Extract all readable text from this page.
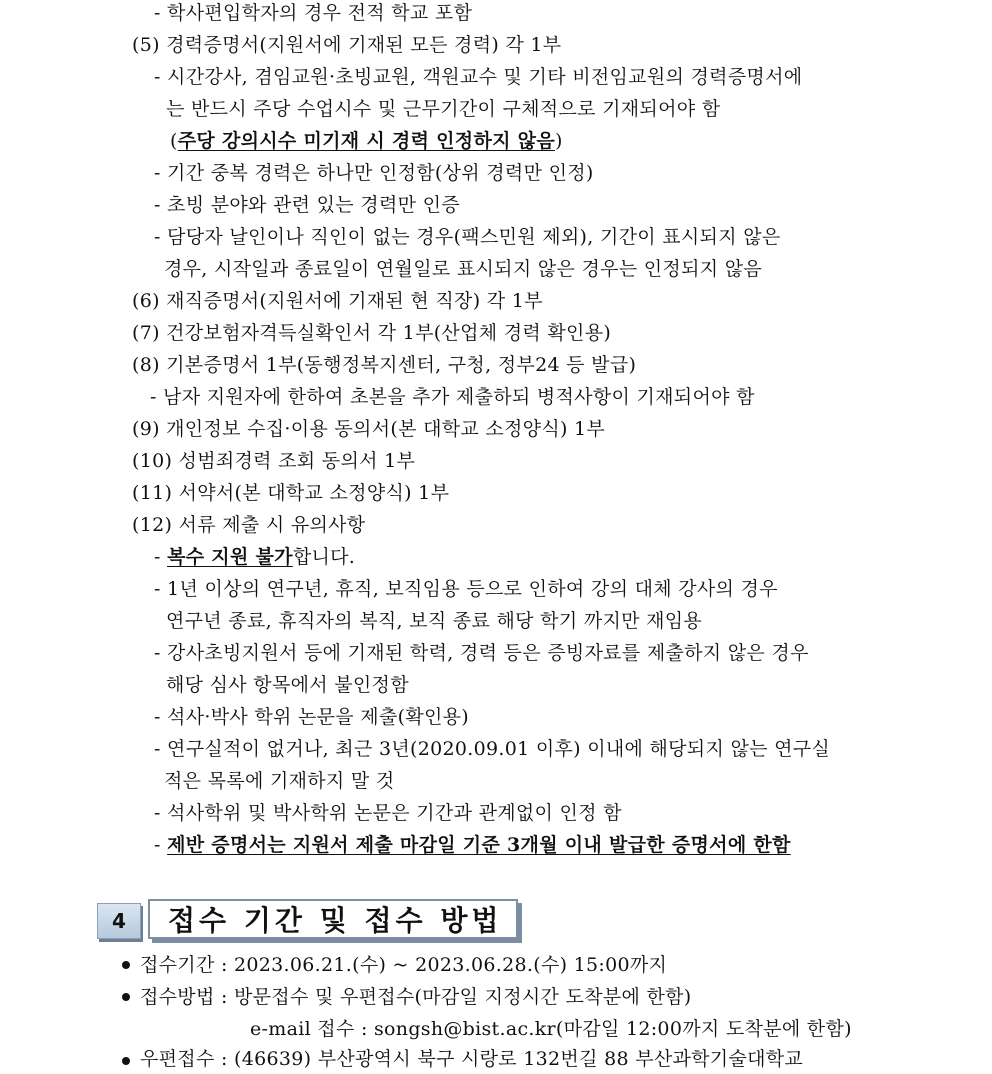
- 학사편입학자의 경우 전적 학교 포함
(5) 경력증명서(지원서에 기재된 모든 경력) 각 1부
- 시간강사, 겸임교원·초빙교원, 객원교수 및 기타 비전임교원의 경력증명서에
는 반드시 주당 수업시수 및 근무기간이 구체적으로 기재되어야 함
(주당 강의시수 미기재 시 경력 인정하지 않음)
- 기간 중복 경력은 하나만 인정함(상위 경력만 인정)
- 초빙 분야와 관련 있는 경력만 인증
- 담당자 날인이나 직인이 없는 경우(팩스민원 제외), 기간이 표시되지 않은
경우, 시작일과 종료일이 연월일로 표시되지 않은 경우는 인정되지 않음
(6) 재직증명서(지원서에 기재된 현 직장) 각 1부
(7) 건강보험자격득실확인서 각 1부(산업체 경력 확인용)
(8) 기본증명서 1부(동행정복지센터, 구청, 정부24 등 발급)
- 남자 지원자에 한하여 초본을 추가 제출하되 병적사항이 기재되어야 함
(9) 개인정보 수집·이용 동의서(본 대학교 소정양식) 1부
(10) 성범죄경력 조회 동의서 1부
(11) 서약서(본 대학교 소정양식) 1부
(12) 서류 제출 시 유의사항
- 복수 지원 불가합니다.
- 1년 이상의 연구년, 휴직, 보직임용 등으로 인하여 강의 대체 강사의 경우
연구년 종료, 휴직자의 복직, 보직 종료 해당 학기 까지만 재임용
- 강사초빙지원서 등에 기재된 학력, 경력 등은 증빙자료를 제출하지 않은 경우
해당 심사 항목에서 불인정함
- 석사·박사 학위 논문을 제출(확인용)
- 연구실적이 없거나, 최근 3년(2020.09.01 이후) 이내에 해당되지 않는 연구실
적은 목록에 기재하지 말 것
- 석사학위 및 박사학위 논문은 기간과 관계없이 인정 함
- 제반 증명서는 지원서 제출 마감일 기준 3개월 이내 발급한 증명서에 한함
4	접수 기간 및 접수 방법
접수기간 : 2023.06.21.(수) ~ 2023.06.28.(수) 15:00까지
접수방법 : 방문접수 및 우편접수(마감일 지정시간 도착분에 한함)
e-mail 접수 : songsh@bist.ac.kr(마감일 12:00까지 도착분에 한함)
우편접수 : (46639) 부산광역시 북구 시랑로 132번길 88 부산과학기술대학교
